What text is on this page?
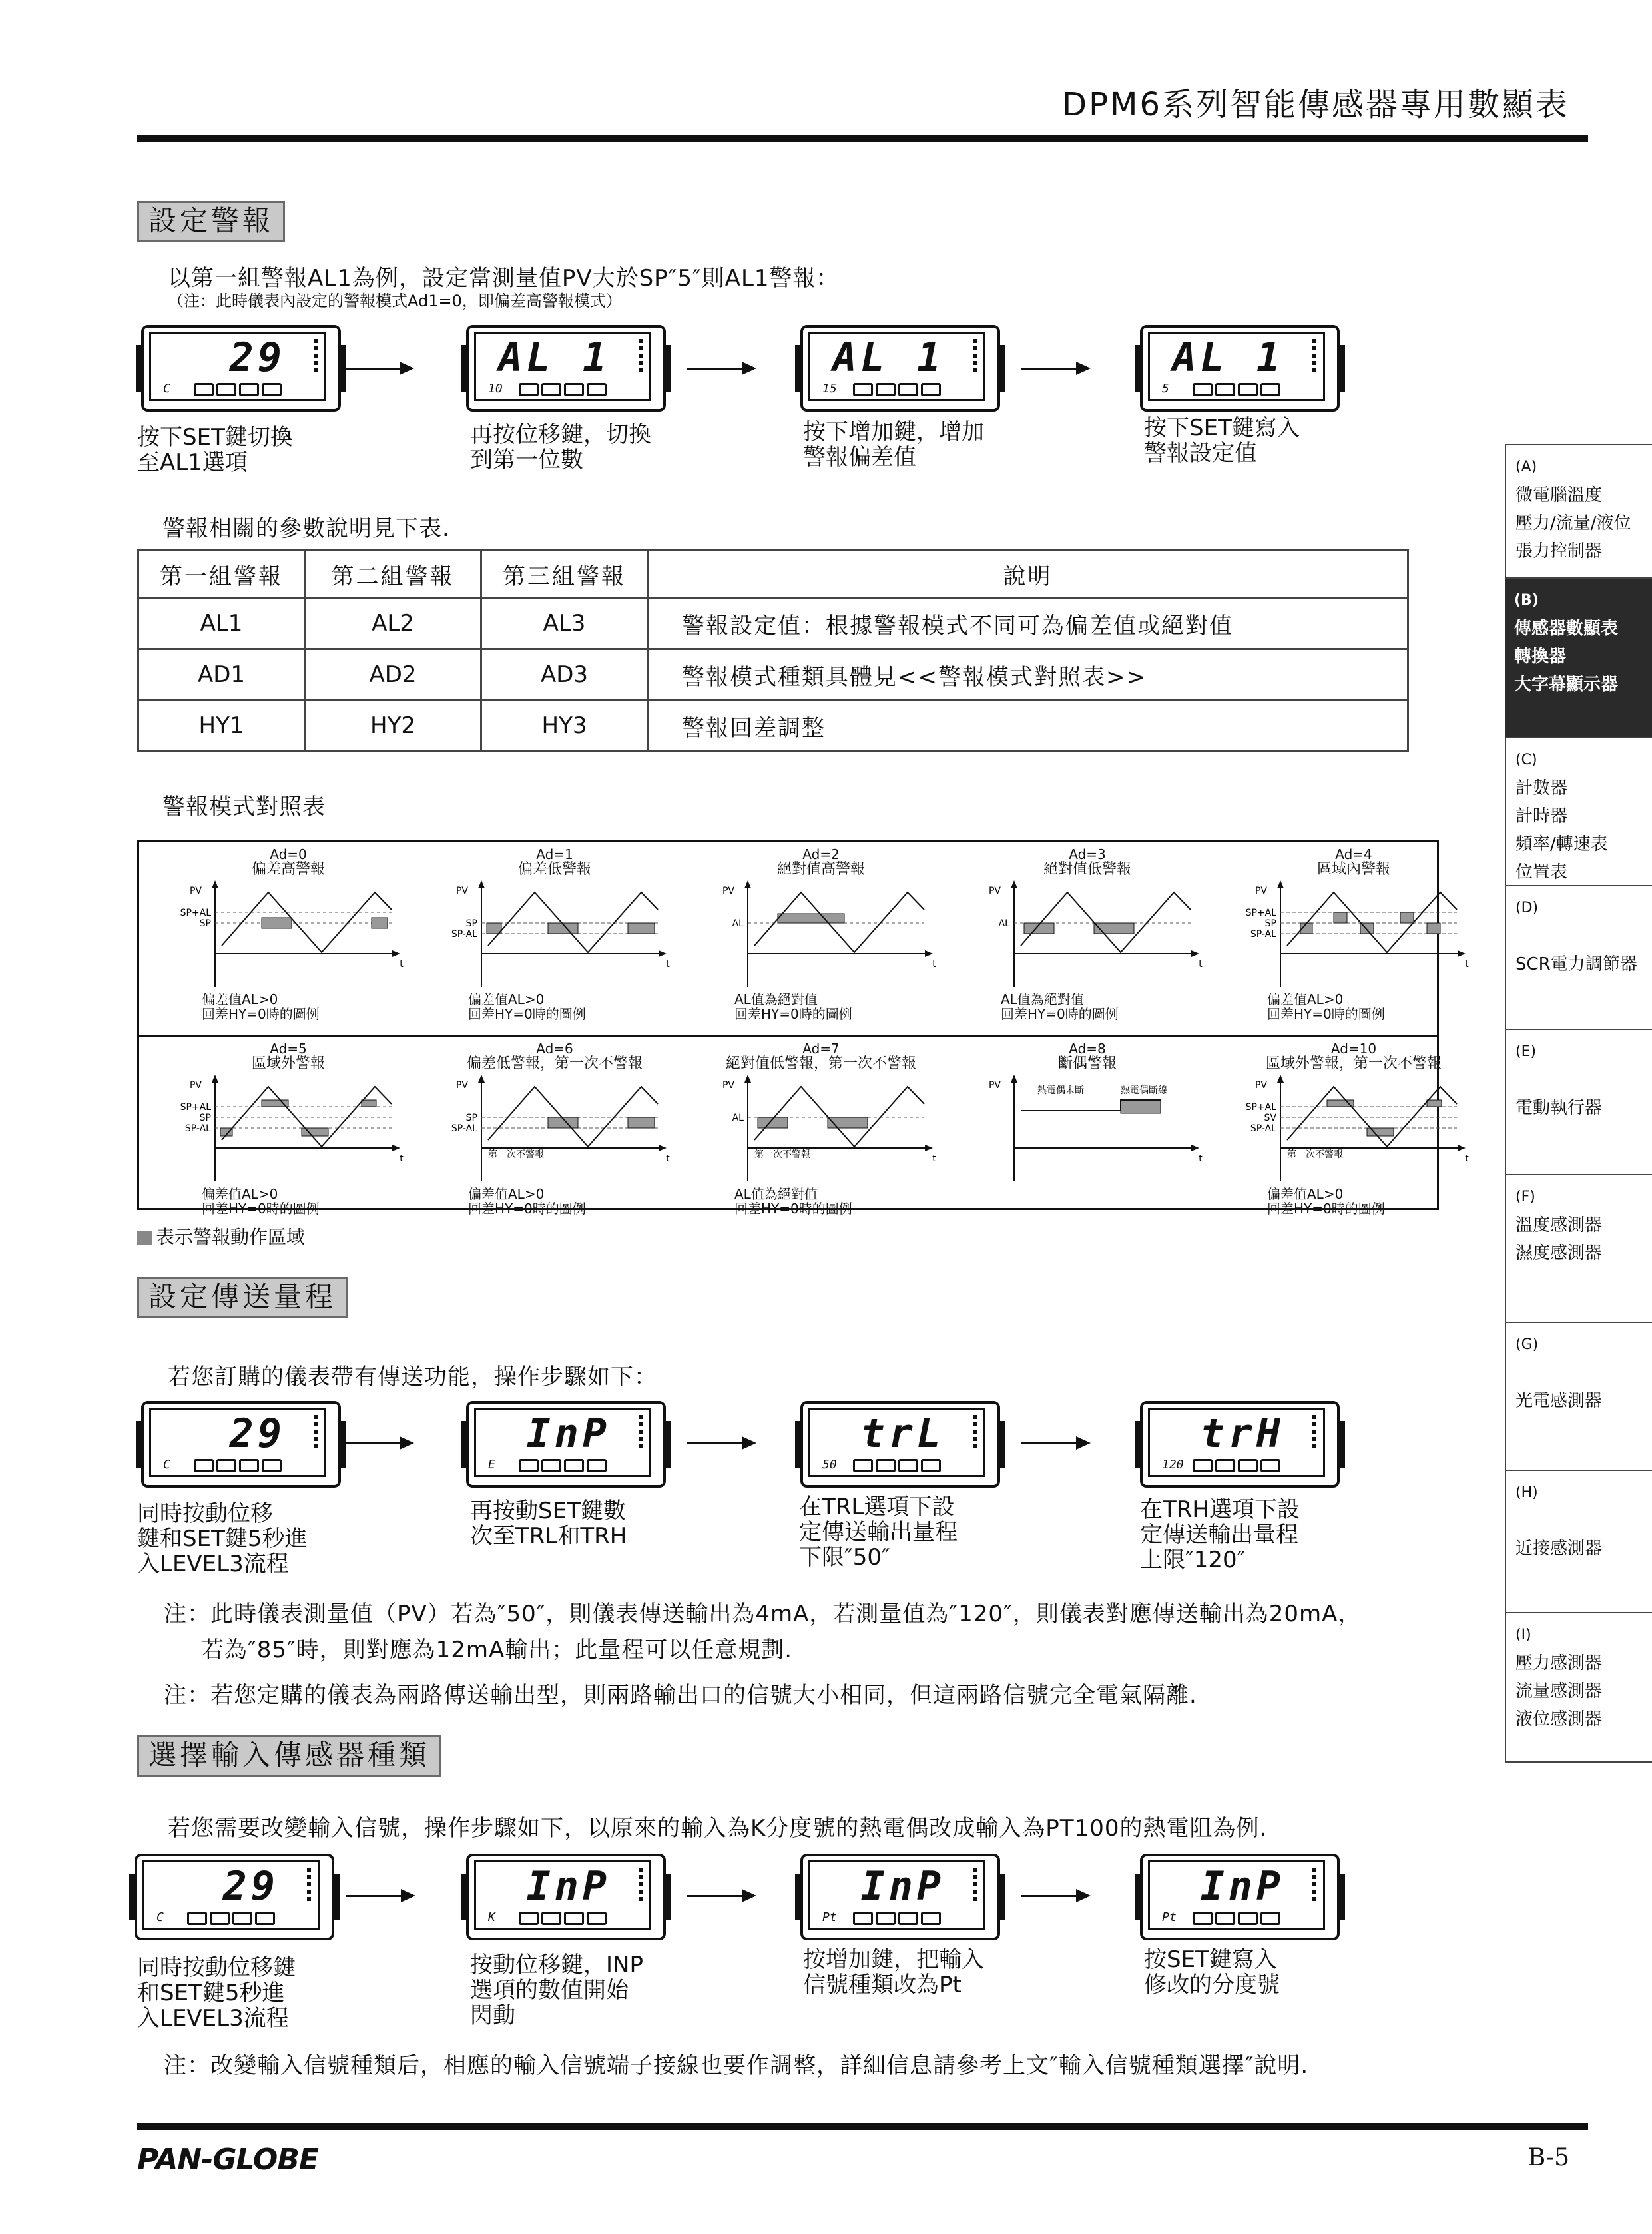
DPM6系列智能傳感器專用數顯表
設定警報
以第一組警報AL1為例，設定當測量值PV大於SP″5″則AL1警報：
（注：此時儀表內設定的警報模式Ad1=0，即偏差高警報模式）
29
C
AL 1
10
AL 1
15
AL 1
5
按下SET鍵切換
至AL1選項
再按位移鍵，切換
到第一位數
按下增加鍵，增加
警報偏差值
按下SET鍵寫入
警報設定值
警報相關的參數說明見下表.
第一組警報	第二組警報	第三組警報	說明
AL1	AL2	AL3	警報設定值：根據警報模式不同可為偏差值或絕對值
AD1	AD2	AD3	警報模式種類具體見<<警報模式對照表>>
HY1	HY2	HY3	警報回差調整
警報模式對照表
Ad=0
偏差高警報
PV
t
SP+AL
SP
偏差值AL>0
回差HY=0時的圖例
Ad=1
偏差低警報
PV
t
SP
SP-AL
偏差值AL>0
回差HY=0時的圖例
Ad=2
絕對值高警報
PV
t
AL
AL值為絕對值
回差HY=0時的圖例
Ad=3
絕對值低警報
PV
t
AL
AL值為絕對值
回差HY=0時的圖例
Ad=4
區域內警報
PV
t
SP+AL
SP
SP-AL
偏差值AL>0
回差HY=0時的圖例
Ad=5
區域外警報
PV
t
SP+AL
SP
SP-AL
偏差值AL>0
回差HY=0時的圖例
Ad=6
偏差低警報，第一次不警報
PV
t
SP
SP-AL
第一次不警報
偏差值AL>0
回差HY=0時的圖例
Ad=7
絕對值低警報，第一次不警報
PV
t
AL
第一次不警報
AL值為絕對值
回差HY=0時的圖例
Ad=8
斷偶警報
PV
t
熱電偶未斷	熱電偶斷線
Ad=10
區域外警報，第一次不警報
PV
t
SP+AL
SV
SP-AL
第一次不警報
偏差值AL>0
回差HY=0時的圖例
表示警報動作區域
設定傳送量程
若您訂購的儀表帶有傳送功能，操作步驟如下：
29
C
InP
E
trL
50
trH
120
同時按動位移
鍵和SET鍵5秒進
入LEVEL3流程
再按動SET鍵數
次至TRL和TRH
在TRL選項下設
定傳送輸出量程
下限″50″
在TRH選項下設
定傳送輸出量程
上限″120″
注：此時儀表測量值（PV）若為″50″，則儀表傳送輸出為4mA，若測量值為″120″，則儀表對應傳送輸出為20mA，
若為″85″時，則對應為12mA輸出；此量程可以任意規劃.
注：若您定購的儀表為兩路傳送輸出型，則兩路輸出口的信號大小相同，但這兩路信號完全電氣隔離.
選擇輸入傳感器種類
若您需要改變輸入信號，操作步驟如下，以原來的輸入為K分度號的熱電偶改成輸入為PT100的熱電阻為例.
29
C
InP
K
InP
Pt
InP
Pt
同時按動位移鍵
和SET鍵5秒進
入LEVEL3流程
按動位移鍵，INP
選項的數值開始
閃動
按增加鍵，把輸入
信號種類改為Pt
按SET鍵寫入
修改的分度號
注：改變輸入信號種類后，相應的輸入信號端子接線也要作調整，詳細信息請參考上文″輸入信號種類選擇″說明.
(A)
微電腦溫度
壓力/流量/液位
張力控制器
(B)
傳感器數顯表
轉換器
大字幕顯示器
(C)
計數器
計時器
頻率/轉速表
位置表
(D)

SCR電力調節器
(E)

電動執行器
(F)
溫度感測器
濕度感測器
(G)

光電感測器
(H)

近接感測器
(I)
壓力感測器
流量感測器
液位感測器
PAN-GLOBE	B-5
